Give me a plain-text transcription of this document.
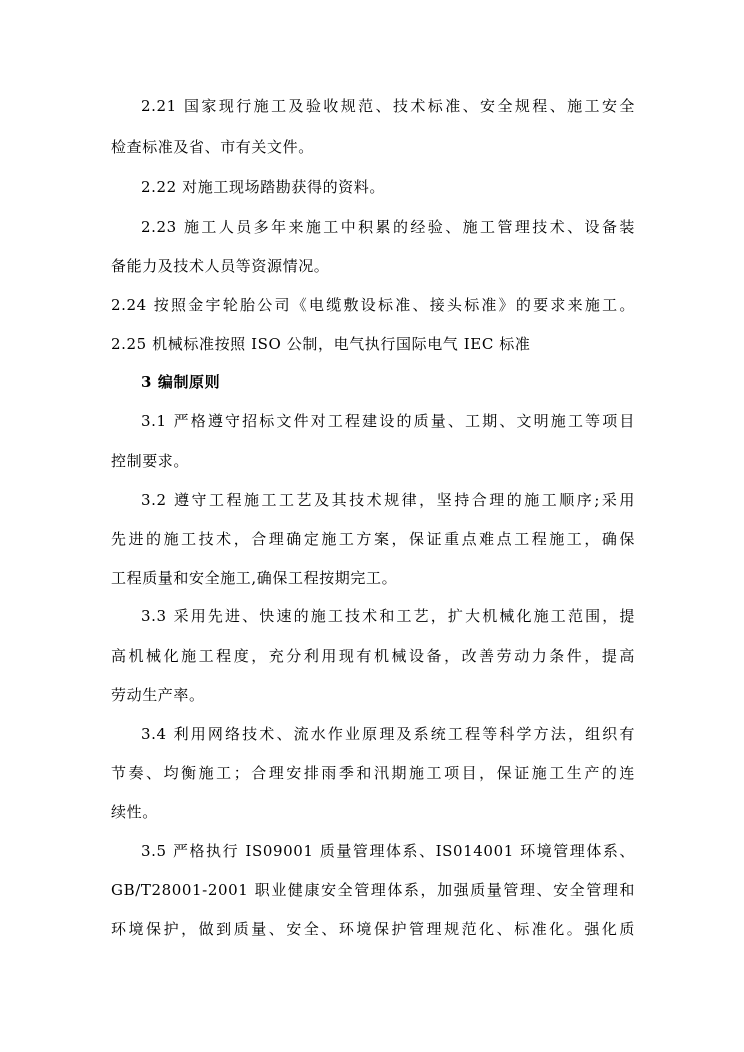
2.21 国家现行施工及验收规范、技术标准、安全规程、施工安全
检查标准及省、市有关文件。
2.22 对施工现场踏勘获得的资料。
2.23 施工人员多年来施工中积累的经验、施工管理技术、设备装
备能力及技术人员等资源情况。
2.24 按照金宇轮胎公司《电缆敷设标准、接头标准》的要求来施工。
2.25 机械标准按照 ISO 公制，电气执行国际电气 IEC 标准
3 编制原则
3.1 严格遵守招标文件对工程建设的质量、工期、文明施工等项目
控制要求。
3.2 遵守工程施工工艺及其技术规律，坚持合理的施工顺序;采用
先进的施工技术，合理确定施工方案，保证重点难点工程施工，确保
工程质量和安全施工,确保工程按期完工。
3.3 采用先进、快速的施工技术和工艺，扩大机械化施工范围，提
高机械化施工程度，充分利用现有机械设备，改善劳动力条件，提高
劳动生产率。
3.4 利用网络技术、流水作业原理及系统工程等科学方法，组织有
节奏、均衡施工；合理安排雨季和汛期施工项目，保证施工生产的连
续性。
3.5 严格执行 IS09001 质量管理体系、IS014001 环境管理体系、
GB/T28001-2001 职业健康安全管理体系，加强质量管理、安全管理和
环境保护，做到质量、安全、环境保护管理规范化、标准化。强化质
